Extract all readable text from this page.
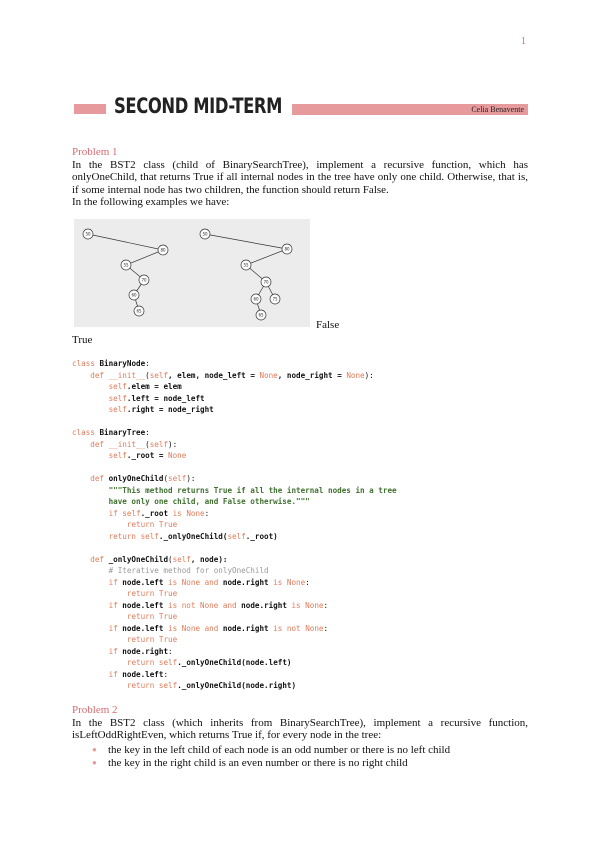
1
SECOND MID-TERM	Celia Benavente
Problem 1
In the BST2 class (child of BinarySearchTree), implement a recursive function, which has onlyOneChild, that returns True if all internal nodes in the tree have only one child. Otherwise, that is, if some internal node has two children, the function should return False.
In the following examples we have:
50
80
55
70
60
65
50
80
55
70
60	75
65
False
True
class BinaryNode:
def __init__(self, elem, node_left = None, node_right = None):
self.elem = elem
self.left = node_left
self.right = node_right

class BinaryTree:
def __init__(self):
self._root = None

def onlyOneChild(self):
"""This method returns True if all the internal nodes in a tree
have only one child, and False otherwise."""
if self._root is None:
return True
return self._onlyOneChild(self._root)

def _onlyOneChild(self, node):
# Iterative method for onlyOneChild
if node.left is None and node.right is None:
return True
if node.left is not None and node.right is None:
return True
if node.left is None and node.right is not None:
return True
if node.right:
return self._onlyOneChild(node.left)
if node.left:
return self._onlyOneChild(node.right)
Problem 2
In the BST2 class (which inherits from BinarySearchTree), implement a recursive function, isLeftOddRightEven, which returns True if, for every node in the tree:
● the key in the left child of each node is an odd number or there is no left child
● the key in the right child is an even number or there is no right child
